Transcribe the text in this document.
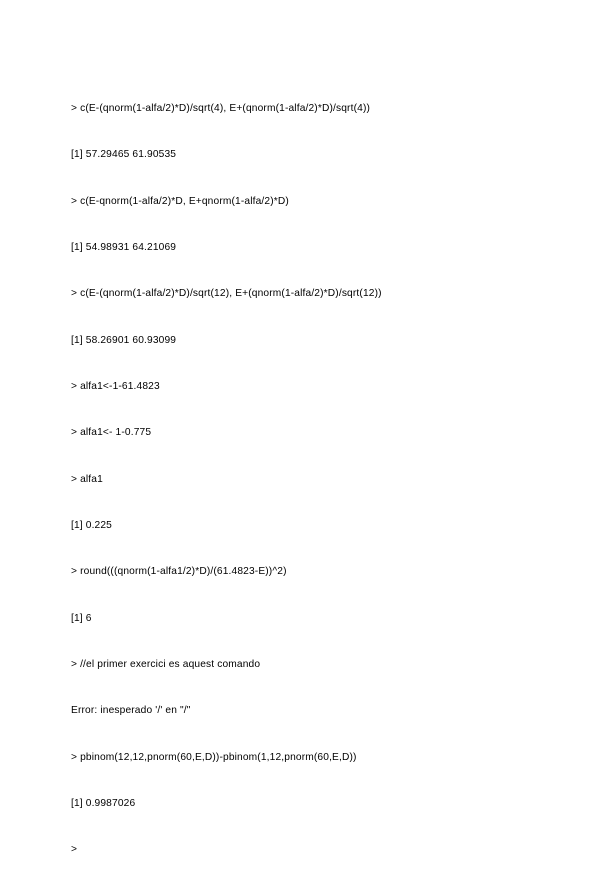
> c(E-(qnorm(1-alfa/2)*D)/sqrt(4), E+(qnorm(1-alfa/2)*D)/sqrt(4))

[1] 57.29465 61.90535

> c(E-qnorm(1-alfa/2)*D, E+qnorm(1-alfa/2)*D)

[1] 54.98931 64.21069

> c(E-(qnorm(1-alfa/2)*D)/sqrt(12), E+(qnorm(1-alfa/2)*D)/sqrt(12))

[1] 58.26901 60.93099

> alfa1<-1-61.4823

> alfa1<- 1-0.775

> alfa1

[1] 0.225

> round(((qnorm(1-alfa1/2)*D)/(61.4823-E))^2)

[1] 6

> //el primer exercici es aquest comando

Error: inesperado '/' en "/"

> pbinom(12,12,pnorm(60,E,D))-pbinom(1,12,pnorm(60,E,D))

[1] 0.9987026

>
